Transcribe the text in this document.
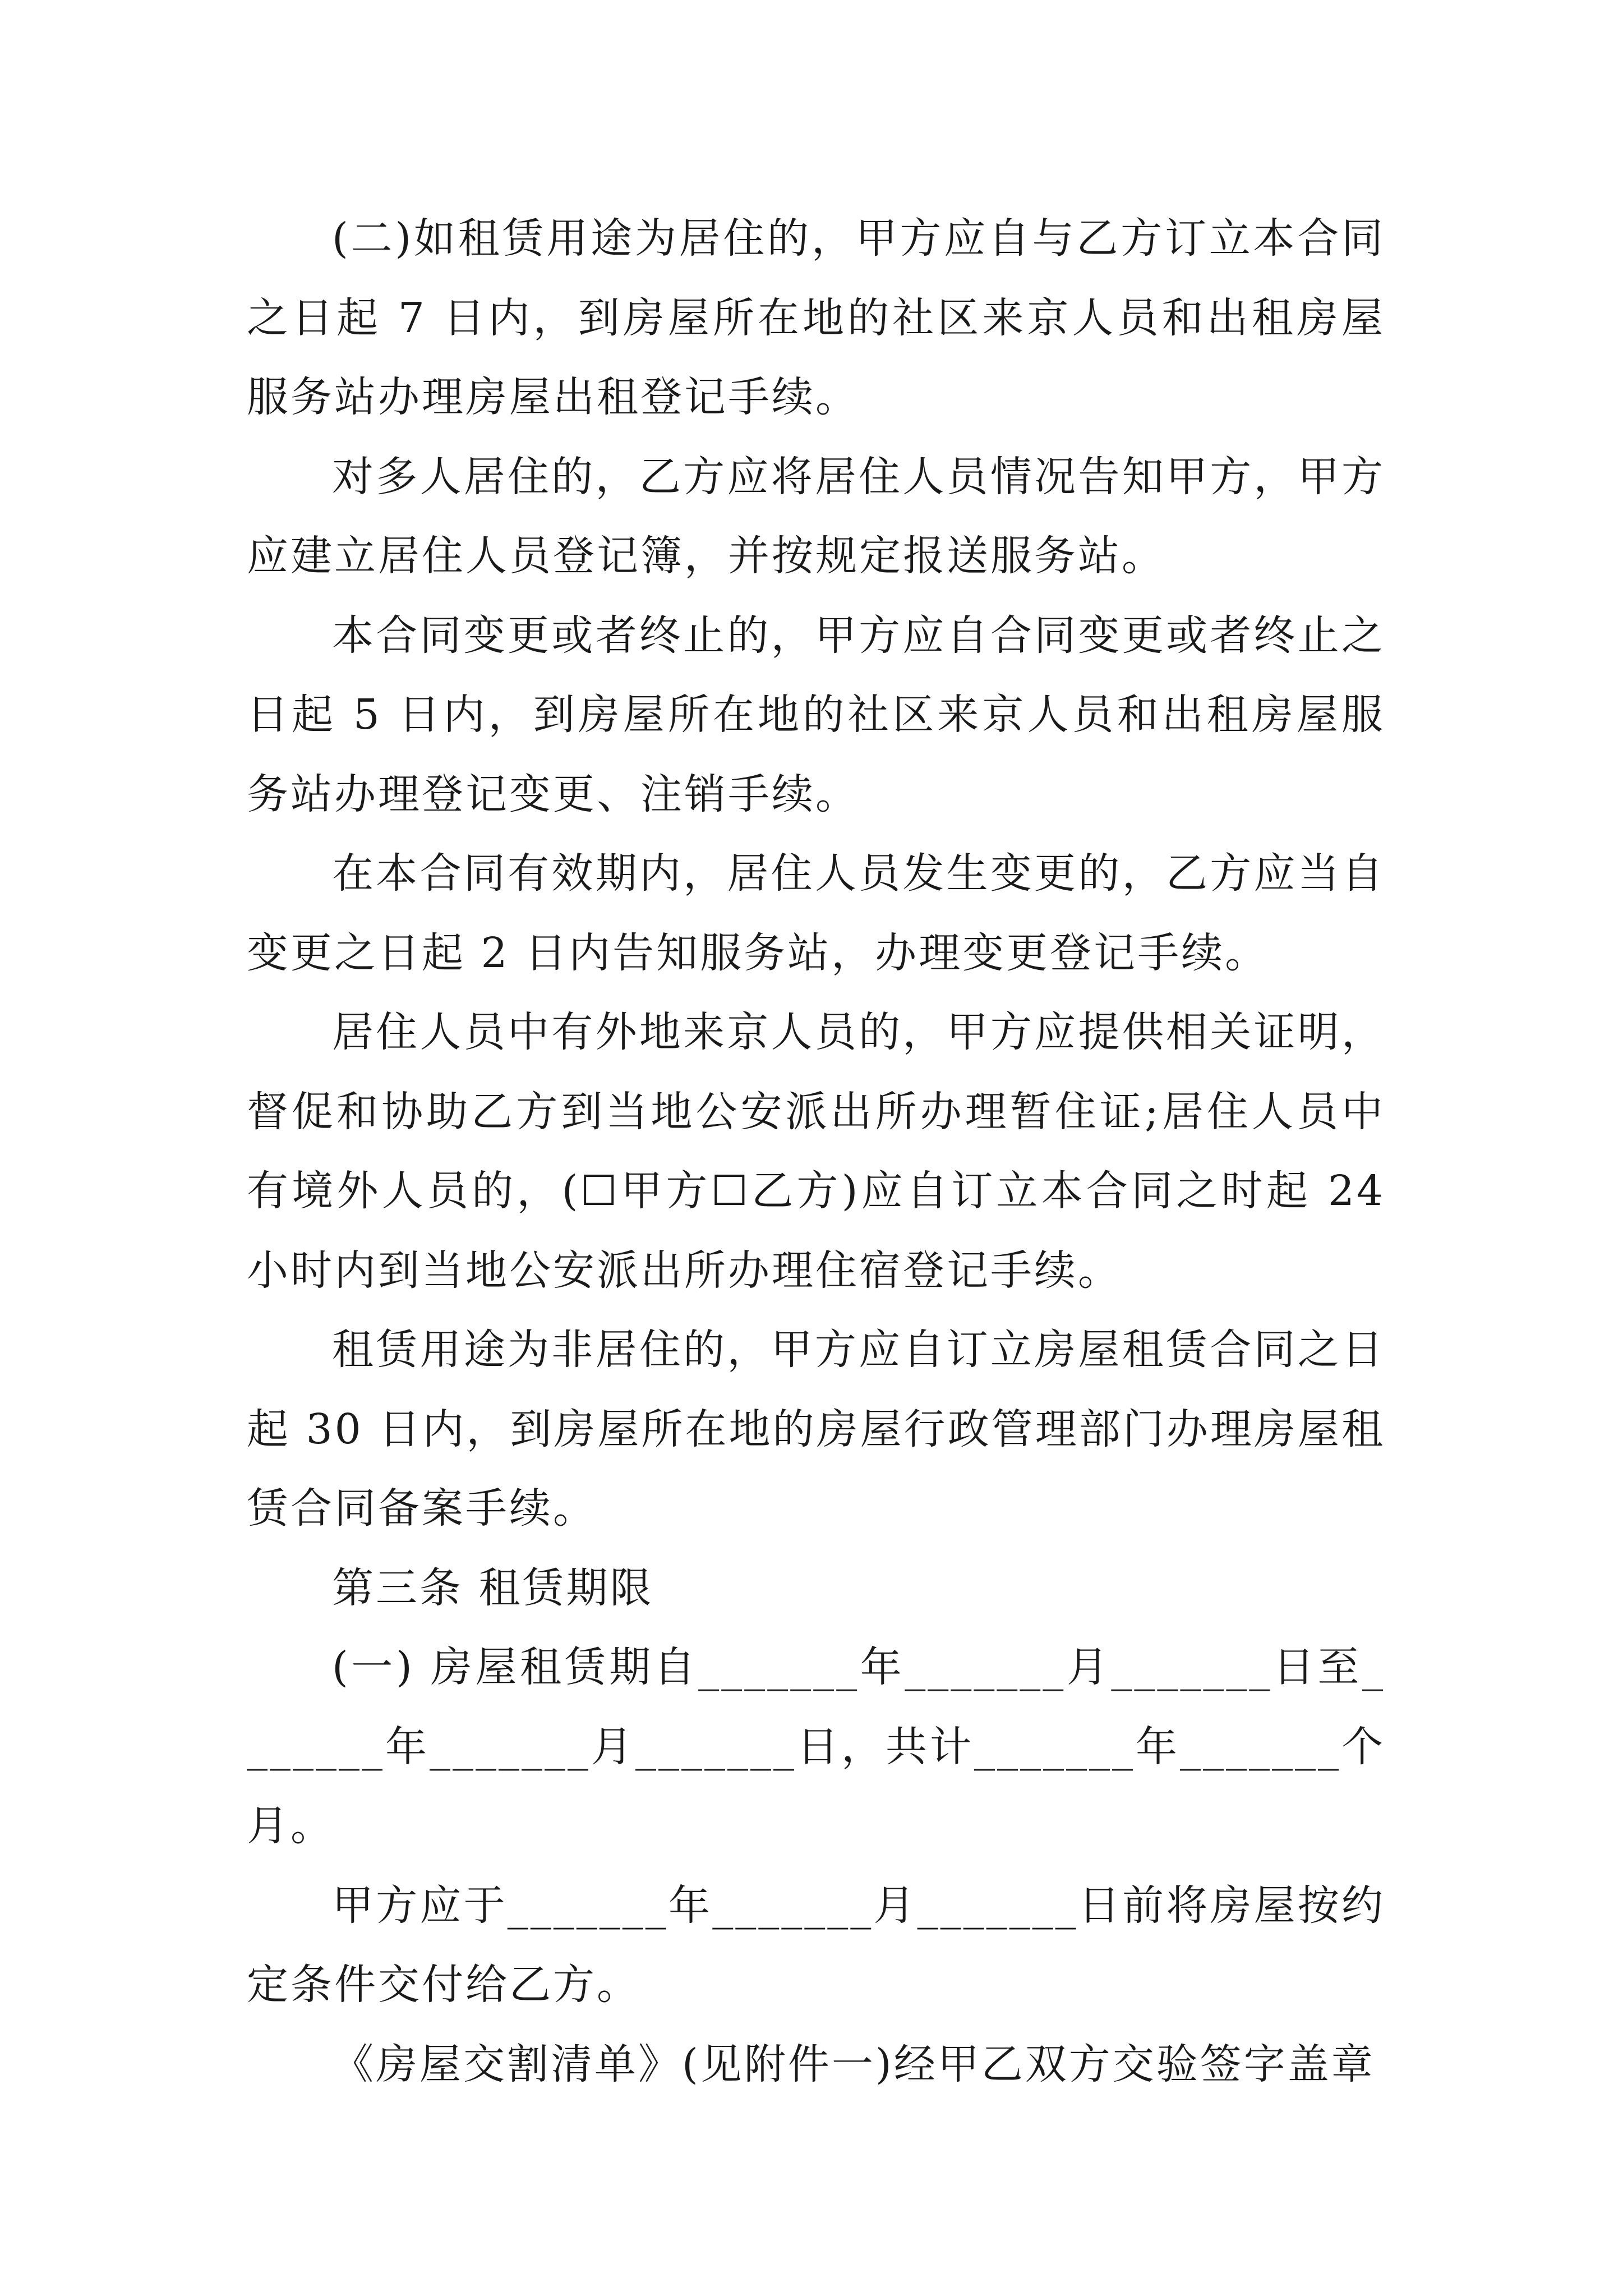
(二)如租赁用途为居住的，甲方应自与乙方订立本合同之日起 7 日内，到房屋所在地的社区来京人员和出租房屋服务站办理房屋出租登记手续。

对多人居住的，乙方应将居住人员情况告知甲方，甲方应建立居住人员登记簿，并按规定报送服务站。

本合同变更或者终止的，甲方应自合同变更或者终止之日起 5 日内，到房屋所在地的社区来京人员和出租房屋服务站办理登记变更、注销手续。

在本合同有效期内，居住人员发生变更的，乙方应当自变更之日起 2 日内告知服务站，办理变更登记手续。

居住人员中有外地来京人员的，甲方应提供相关证明，督促和协助乙方到当地公安派出所办理暂住证;居住人员中有境外人员的，(☐甲方☐乙方)应自订立本合同之时起 24 小时内到当地公安派出所办理住宿登记手续。

租赁用途为非居住的，甲方应自订立房屋租赁合同之日起 30 日内，到房屋所在地的房屋行政管理部门办理房屋租赁合同备案手续。

第三条 租赁期限

(一) 房屋租赁期自_______年_______月_______日至_______年_______月_______日，共计_______年_______个月。

甲方应于_______年_______月_______日前将房屋按约定条件交付给乙方。

《房屋交割清单》(见附件一)经甲乙双方交验签字盖章
